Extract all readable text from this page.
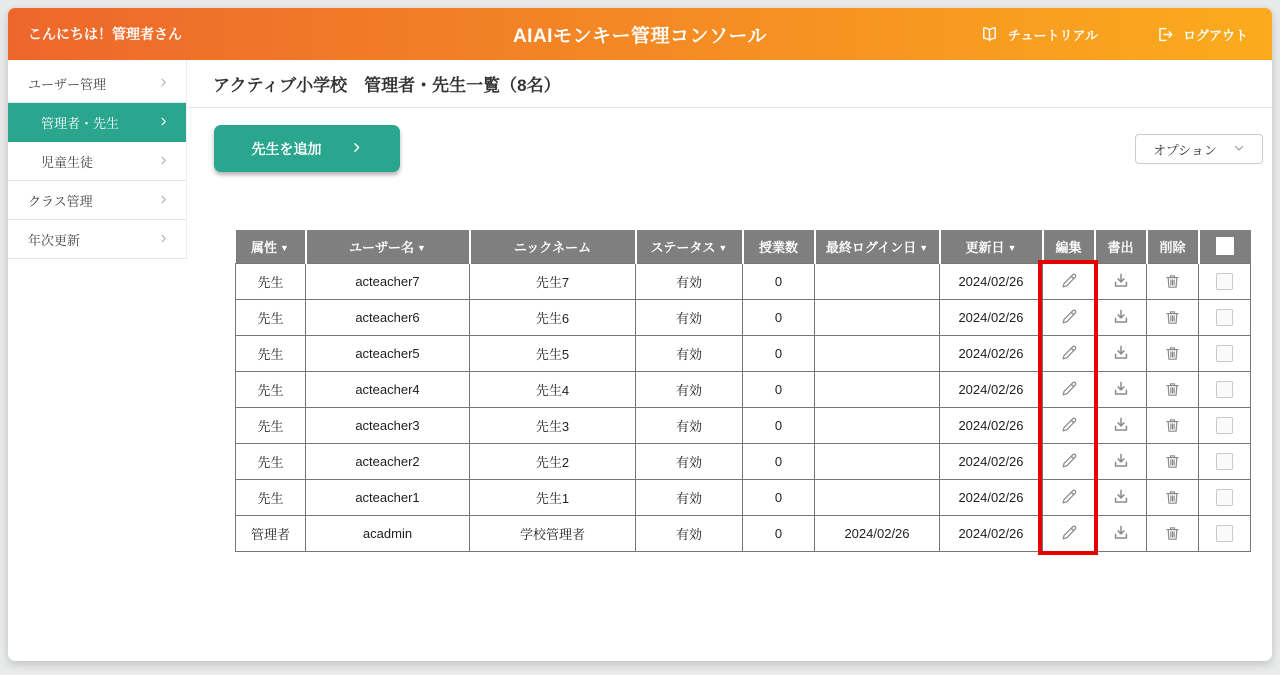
こんにちは！管理者さん	AIAIモンキー管理コンソール	チュートリアル	ログアウト
ユーザー管理
管理者・先生
児童生徒
クラス管理
年次更新
アクティブ小学校　管理者・先生一覧（8名）
先生を追加	オプション
属性 ▼	ユーザー名 ▼	ニックネーム	ステータス ▼	授業数	最終ログイン日 ▼	更新日 ▼	編集	書出	削除	
先生	acteacher7	先生7	有効	0		2024/02/26				
先生	acteacher6	先生6	有効	0		2024/02/26				
先生	acteacher5	先生5	有効	0		2024/02/26				
先生	acteacher4	先生4	有効	0		2024/02/26				
先生	acteacher3	先生3	有効	0		2024/02/26				
先生	acteacher2	先生2	有効	0		2024/02/26				
先生	acteacher1	先生1	有効	0		2024/02/26				
管理者	acadmin	学校管理者	有効	0	2024/02/26	2024/02/26				
